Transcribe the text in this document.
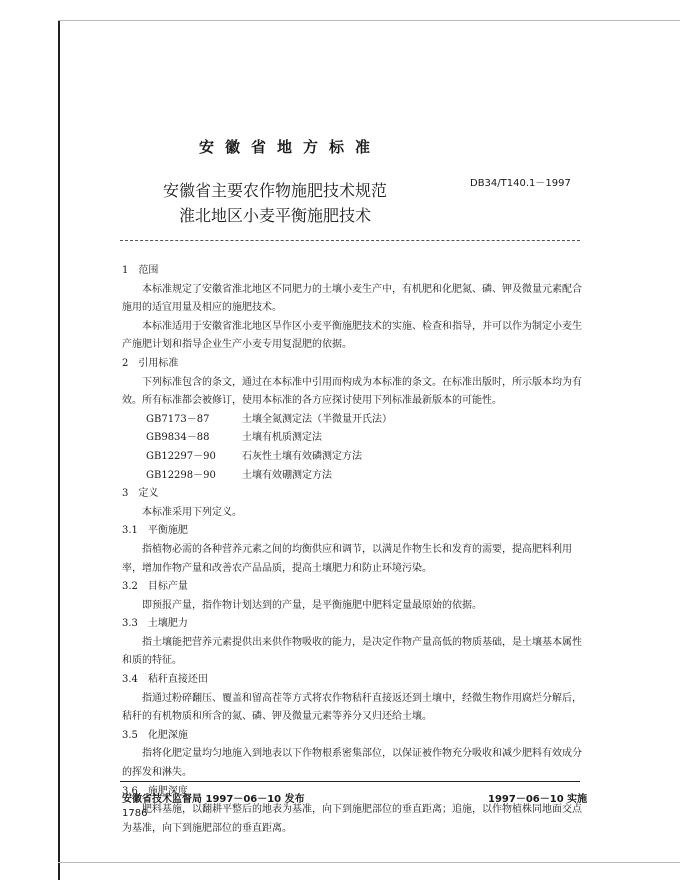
安徽省地方标准
DB34/T140.1－1997
安徽省主要农作物施肥技术规范
淮北地区小麦平衡施肥技术

1　范围

本标准规定了安徽省淮北地区不同肥力的土壤小麦生产中，有机肥和化肥氮、磷、钾及微量元素配合施用的适宜用量及相应的施肥技术。

本标准适用于安徽省淮北地区旱作区小麦平衡施肥技术的实施、检查和指导，并可以作为制定小麦生产施肥计划和指导企业生产小麦专用复混肥的依据。

2　引用标准

下列标准包含的条文，通过在本标准中引用而构成为本标准的条文。在标准出版时，所示版本均为有效。所有标准都会被修订，使用本标准的各方应探讨使用下列标准最新版本的可能性。

GB7173－87	土壤全氮测定法（半微量开氏法）
GB9834－88	土壤有机质测定法
GB12297－90	石灰性土壤有效磷测定方法
GB12298－90	土壤有效硼测定方法

3　定义

本标准采用下列定义。

3.1　平衡施肥

指植物必需的各种营养元素之间的均衡供应和调节，以满足作物生长和发育的需要，提高肥料利用率，增加作物产量和改善农产品品质，提高土壤肥力和防止环境污染。

3.2　目标产量

即预报产量，指作物计划达到的产量，是平衡施肥中肥料定量最原始的依据。

3.3　土壤肥力

指土壤能把营养元素提供出来供作物吸收的能力，是决定作物产量高低的物质基础，是土壤基本属性和质的特征。

3.4　秸秆直接还田

指通过粉碎翻压、覆盖和留高茬等方式将农作物秸秆直接返还到土壤中，经微生物作用腐烂分解后，秸秆的有机物质和所含的氮、磷、钾及微量元素等养分又归还给土壤。

3.5　化肥深施

指将化肥定量均匀地施入到地表以下作物根系密集部位，以保证被作物充分吸收和减少肥料有效成分的挥发和淋失。

3.6　施肥深度

肥料基施，以翻耕平整后的地表为基准，向下到施肥部位的垂直距离；追施，以作物植株同地面交点为基准，向下到施肥部位的垂直距离。

安徽省技术监督局 1997－06－10 发布	1997－06－10 实施
1786
